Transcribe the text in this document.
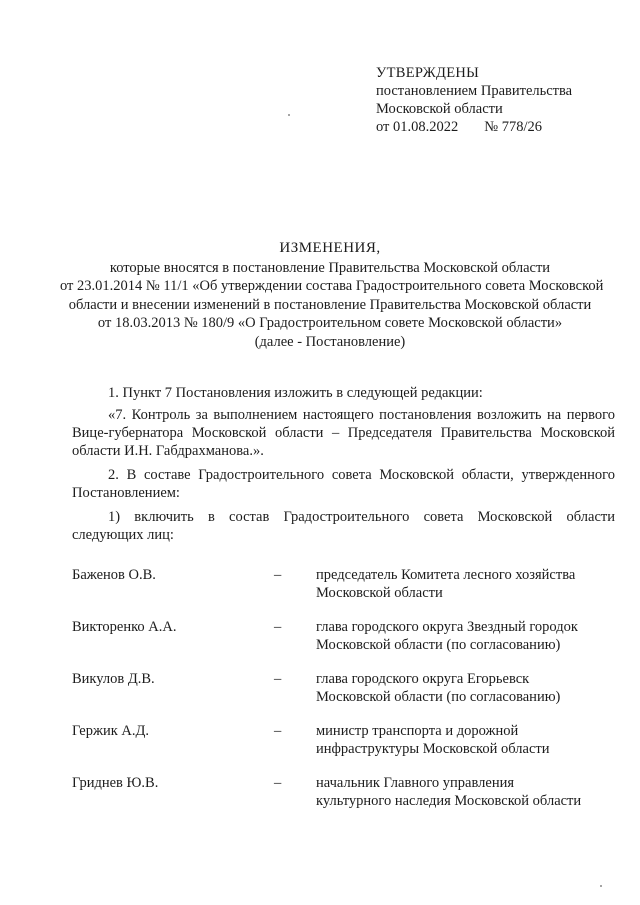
УТВЕРЖДЕНЫ
постановлением Правительства
Московской области
от 01.08.2022 № 778/26
ИЗМЕНЕНИЯ,
которые вносятся в постановление Правительства Московской области
от 23.01.2014 № 11/1 «Об утверждении состава Градостроительного совета Московской
области и внесении изменений в постановление Правительства Московской области
от 18.03.2013 № 180/9 «О Градостроительном совете Московской области»
(далее - Постановление)

1. Пункт 7 Постановления изложить в следующей редакции:

«7. Контроль за выполнением настоящего постановления возложить на первого Вице-губернатора Московской области – Председателя Правительства Московской области И.Н. Габдрахманова.».

2. В составе Градостроительного совета Московской области, утвержденного Постановлением:

1) включить в состав Градостроительного совета Московской области следующих лиц:

Баженов О.В.	– председатель Комитета лесного хозяйства
Московской области
Викторенко А.А.	– глава городского округа Звездный городок
Московской области (по согласованию)
Викулов Д.В.	– глава городского округа Егорьевск
Московской области (по согласованию)
Гержик А.Д.	– министр транспорта и дорожной
инфраструктуры Московской области
Гриднев Ю.В.	– начальник Главного управления
культурного наследия Московской области
